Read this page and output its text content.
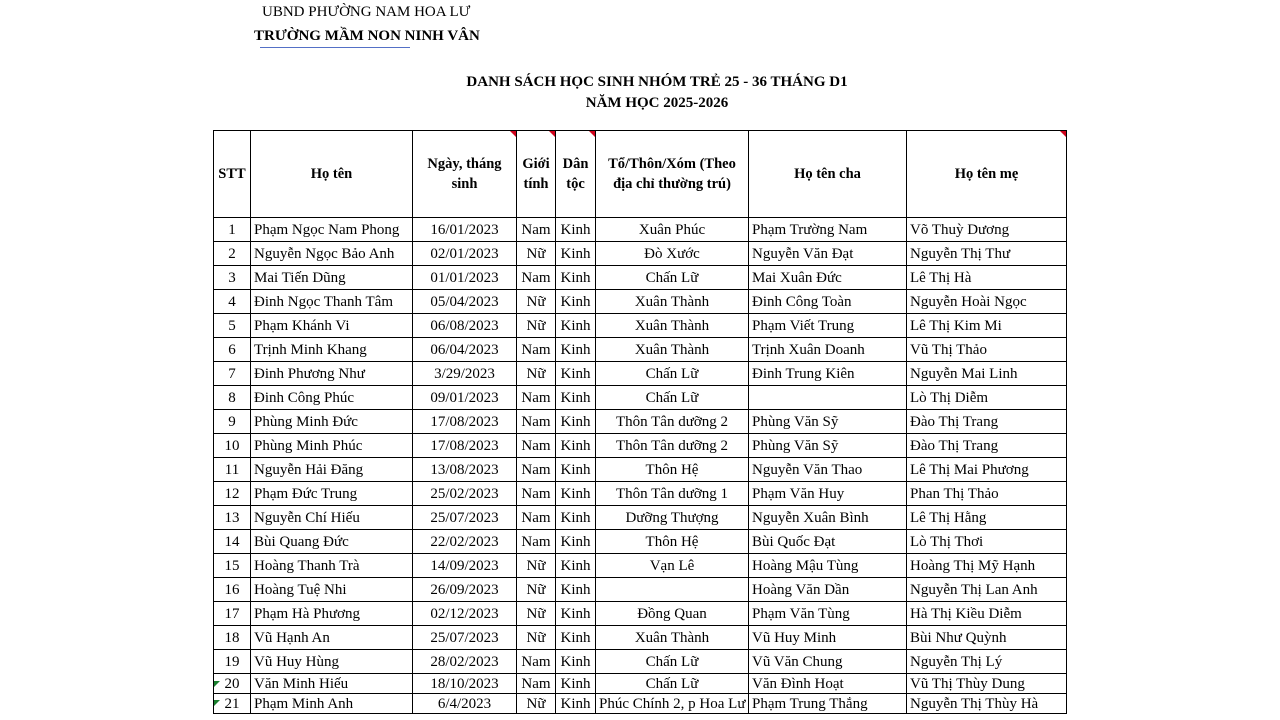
UBND PHƯỜNG NAM HOA LƯ
TRƯỜNG MẦM NON NINH VÂN
DANH SÁCH HỌC SINH NHÓM TRẺ 25 - 36 THÁNG D1
NĂM HỌC 2025-2026
STT	Họ tên	Ngày, tháng sinh	Giới tính	Dân tộc	Tổ/Thôn/Xóm (Theo địa chỉ thường trú)	Họ tên cha	Họ tên mẹ
1	Phạm Ngọc Nam Phong	16/01/2023	Nam	Kinh	Xuân Phúc	Phạm Trường Nam	Võ Thuỳ Dương
2	Nguyễn Ngọc Bảo Anh	02/01/2023	Nữ	Kinh	Đò Xước	Nguyễn Văn Đạt	Nguyễn Thị Thư
3	Mai Tiến Dũng	01/01/2023	Nam	Kinh	Chấn Lữ	Mai Xuân Đức	Lê Thị Hà
4	Đinh Ngọc Thanh Tâm	05/04/2023	Nữ	Kinh	Xuân Thành	Đinh Công Toàn	Nguyễn Hoài Ngọc
5	Phạm Khánh Vi	06/08/2023	Nữ	Kinh	Xuân Thành	Phạm Viết Trung	Lê Thị Kim Mi
6	Trịnh Minh Khang	06/04/2023	Nam	Kinh	Xuân Thành	Trịnh Xuân Doanh	Vũ Thị Thảo
7	Đinh Phương Như	3/29/2023	Nữ	Kinh	Chấn Lữ	Đinh Trung Kiên	Nguyễn Mai Linh
8	Đinh Công Phúc	09/01/2023	Nam	Kinh	Chấn Lữ		Lò Thị Diễm
9	Phùng Minh Đức	17/08/2023	Nam	Kinh	Thôn Tân dưỡng 2	Phùng Văn Sỹ	Đào Thị Trang
10	Phùng Minh Phúc	17/08/2023	Nam	Kinh	Thôn Tân dưỡng 2	Phùng Văn Sỹ	Đào Thị Trang
11	Nguyễn Hải Đăng	13/08/2023	Nam	Kinh	Thôn Hệ	Nguyễn Văn Thao	Lê Thị Mai Phương
12	Phạm Đức Trung	25/02/2023	Nam	Kinh	Thôn Tân dưỡng 1	Phạm Văn Huy	Phan Thị Thảo
13	Nguyễn Chí Hiếu	25/07/2023	Nam	Kinh	Dưỡng Thượng	Nguyễn Xuân Bình	Lê Thị Hằng
14	Bùi Quang Đức	22/02/2023	Nam	Kinh	Thôn Hệ	Bùi Quốc Đạt	Lò Thị Thơi
15	Hoàng Thanh Trà	14/09/2023	Nữ	Kinh	Vạn Lê	Hoàng Mậu Tùng	Hoàng Thị Mỹ Hạnh
16	Hoàng Tuệ Nhi	26/09/2023	Nữ	Kinh		Hoàng Văn Dần	Nguyễn Thị Lan Anh
17	Phạm Hà Phương	02/12/2023	Nữ	Kinh	Đồng Quan	Phạm Văn Tùng	Hà Thị Kiều Diễm
18	Vũ Hạnh An	25/07/2023	Nữ	Kinh	Xuân Thành	Vũ Huy Minh	Bùi Như Quỳnh
19	Vũ Huy Hùng	28/02/2023	Nam	Kinh	Chấn Lữ	Vũ Văn Chung	Nguyễn Thị Lý
20	Văn Minh Hiếu	18/10/2023	Nam	Kinh	Chấn Lữ	Văn Đình Hoạt	Vũ Thị Thùy Dung
21	Phạm Minh Anh	6/4/2023	Nữ	Kinh	Phúc Chính 2, p Hoa Lư	Phạm Trung Thắng	Nguyễn Thị Thùy Hà
